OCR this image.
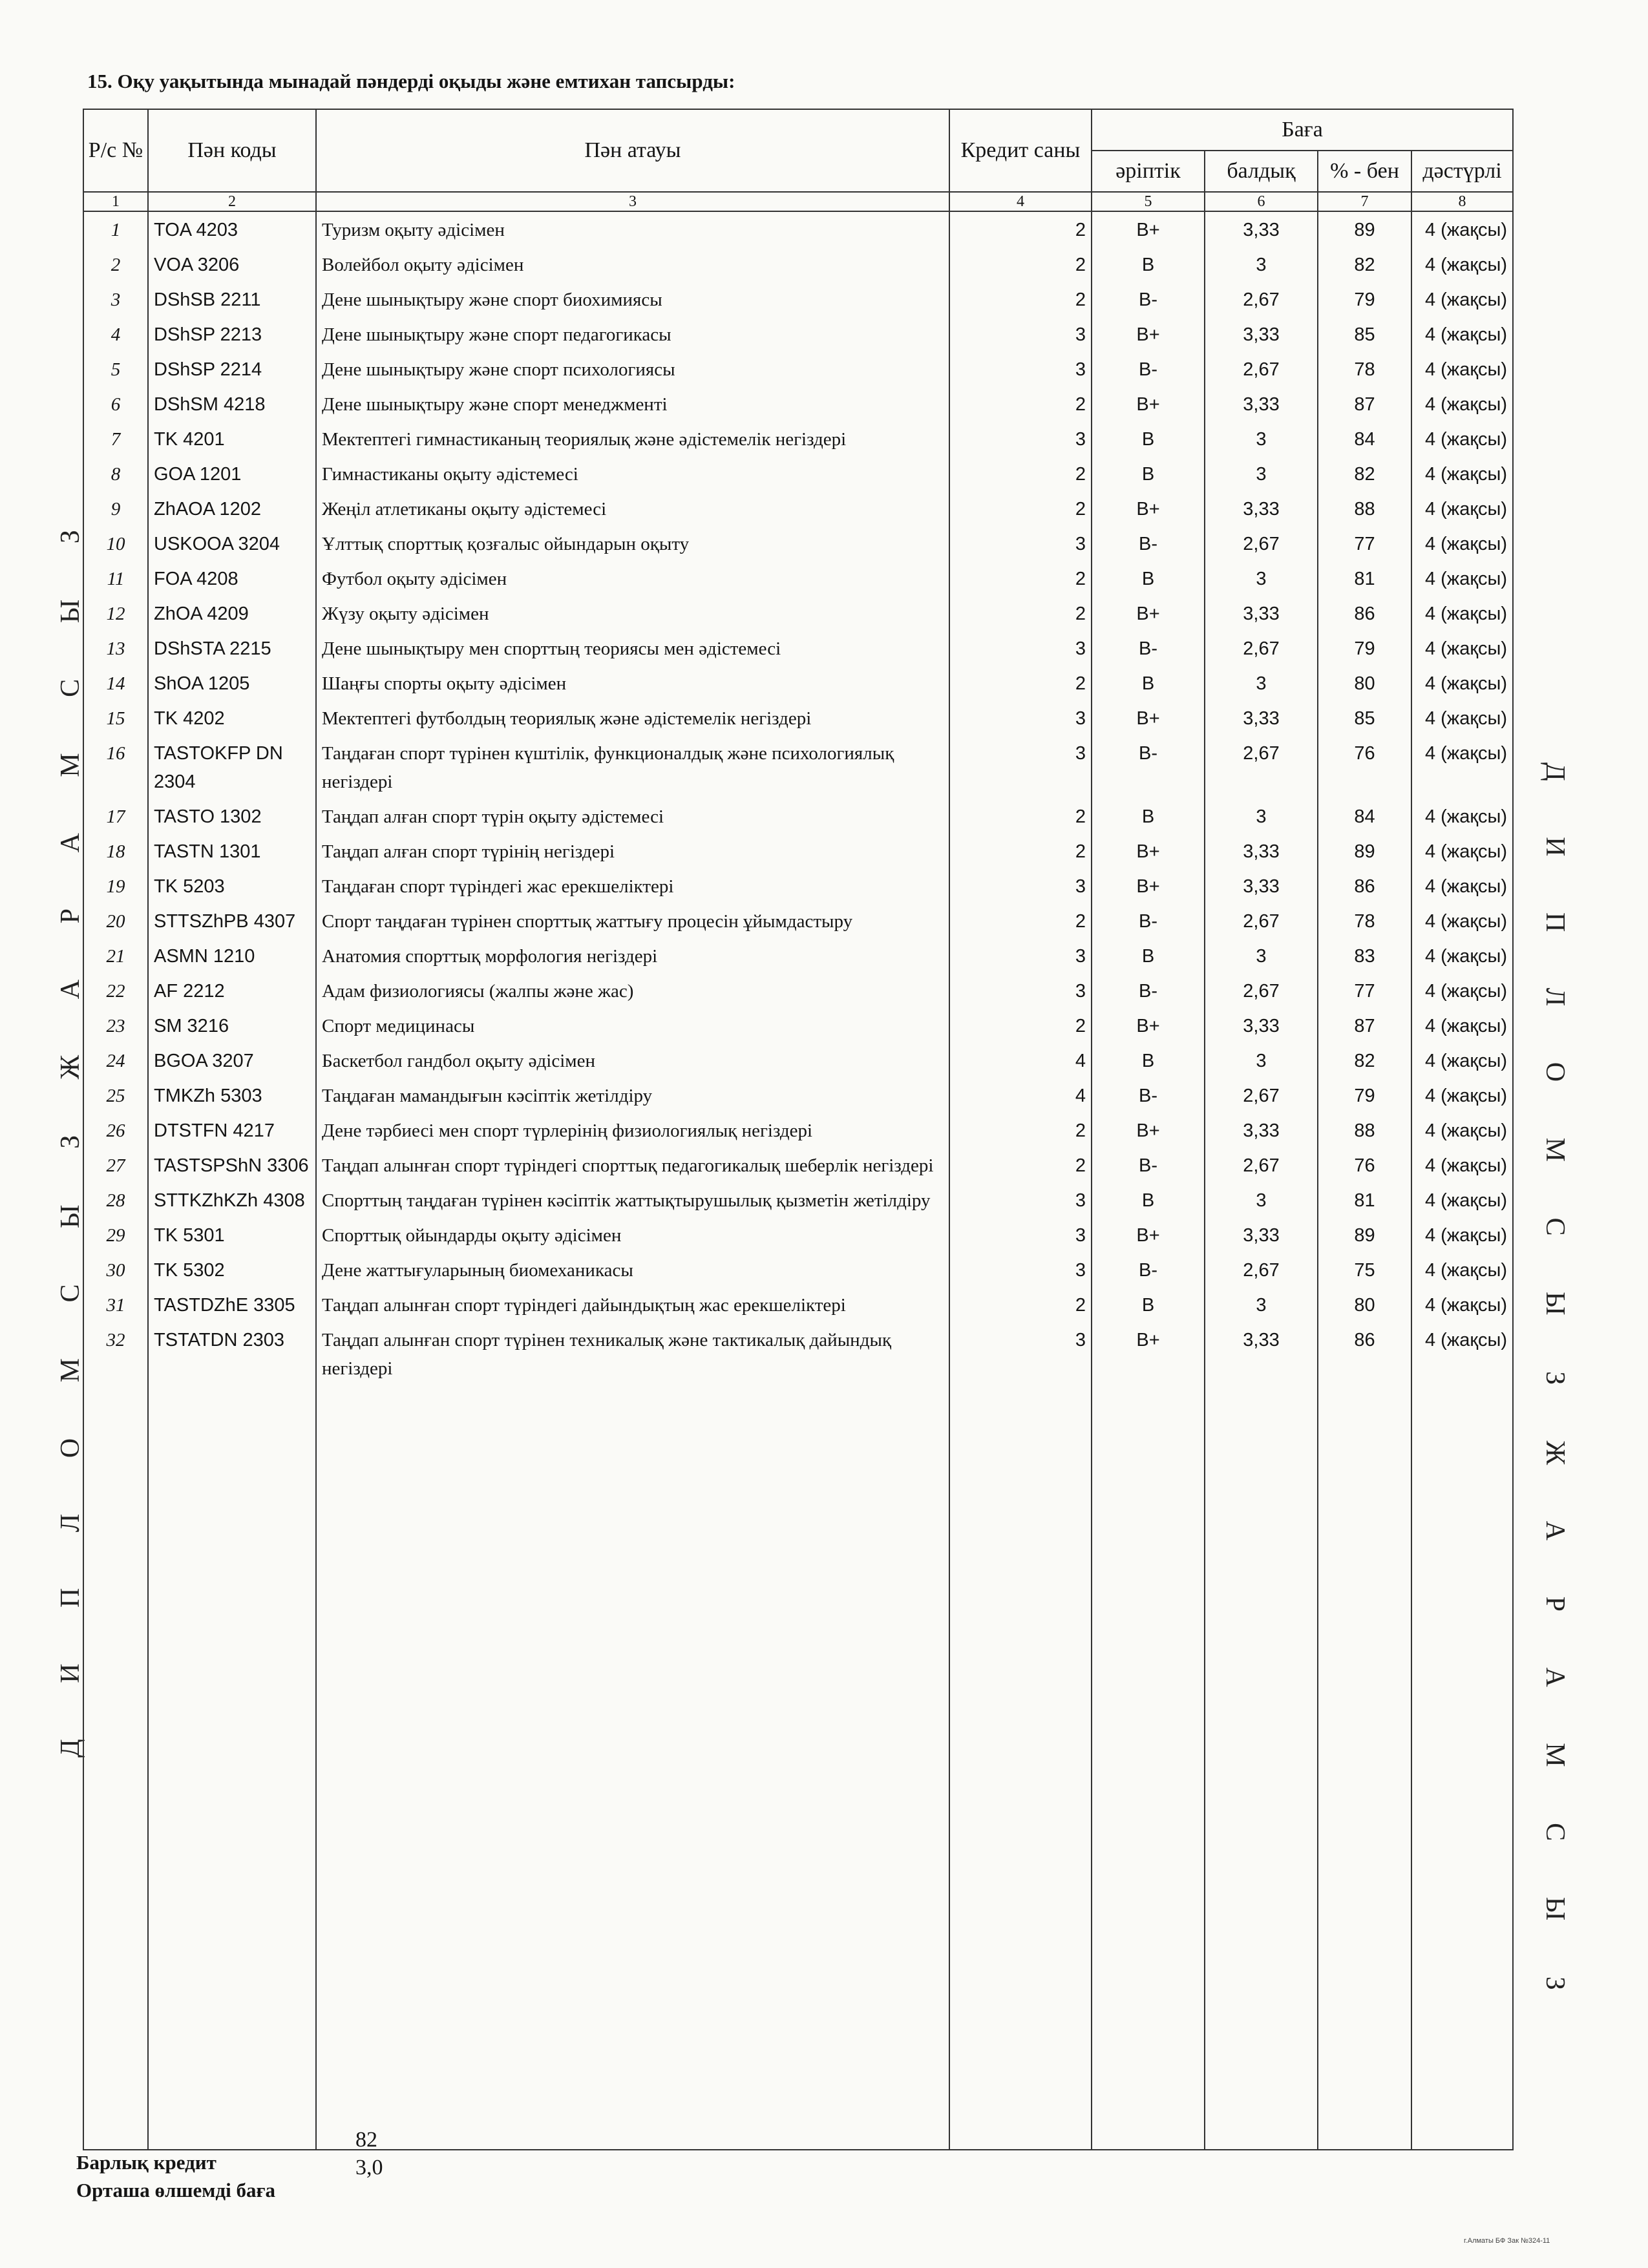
15. Оқу уақытында мынадай пәндерді оқыды және емтихан тапсырды:
Д И П Л О М С Ы З Ж А Р А М С Ы З	Д И П Л О М С Ы З Ж А Р А М С Ы З
Р/с №	Пән коды	Пән атауы	Кредит саны	Баға			
				әріптік	балдық	% - бен	дәстүрлі
1	2	3	4	5	6	7	8
1	TOA 4203	Туризм оқыту әдісімен	2	B+	3,33	89	4 (жақсы)
2	VOA 3206	Волейбол оқыту әдісімен	2	B	3	82	4 (жақсы)
3	DShSB 2211	Дене шынықтыру және спорт биохимиясы	2	B-	2,67	79	4 (жақсы)
4	DShSP 2213	Дене шынықтыру және спорт педагогикасы	3	B+	3,33	85	4 (жақсы)
5	DShSP 2214	Дене шынықтыру және спорт психологиясы	3	B-	2,67	78	4 (жақсы)
6	DShSM 4218	Дене шынықтыру және спорт менеджменті	2	B+	3,33	87	4 (жақсы)
7	TK 4201	Мектептегі гимнастиканың теориялық және әдістемелік негіздері	3	B	3	84	4 (жақсы)
8	GOA 1201	Гимнастиканы оқыту әдістемесі	2	B	3	82	4 (жақсы)
9	ZhAOA 1202	Жеңіл атлетиканы оқыту әдістемесі	2	B+	3,33	88	4 (жақсы)
10	USKOOA 3204	Ұлттық спорттық қозғалыс ойындарын оқыту	3	B-	2,67	77	4 (жақсы)
11	FOA 4208	Футбол оқыту әдісімен	2	B	3	81	4 (жақсы)
12	ZhOA 4209	Жүзу оқыту әдісімен	2	B+	3,33	86	4 (жақсы)
13	DShSTA 2215	Дене шынықтыру мен спорттың теориясы мен әдістемесі	3	B-	2,67	79	4 (жақсы)
14	ShOA 1205	Шаңғы спорты оқыту әдісімен	2	B	3	80	4 (жақсы)
15	TK 4202	Мектептегі футболдың теориялық және әдістемелік негіздері	3	B+	3,33	85	4 (жақсы)
16	TASTOKFP DN 2304	Таңдаған спорт түрінен күштілік, функционалдық және психологиялық негіздері	3	B-	2,67	76	4 (жақсы)
17	TASTO 1302	Таңдап алған спорт түрін оқыту әдістемесі	2	B	3	84	4 (жақсы)
18	TASTN 1301	Таңдап алған спорт түрінің негіздері	2	B+	3,33	89	4 (жақсы)
19	TK 5203	Таңдаған спорт түріндегі жас ерекшеліктері	3	B+	3,33	86	4 (жақсы)
20	STTSZhPB 4307	Спорт таңдаған түрінен спорттық жаттығу процесін ұйымдастыру	2	B-	2,67	78	4 (жақсы)
21	ASMN 1210	Анатомия спорттық морфология негіздері	3	B	3	83	4 (жақсы)
22	AF 2212	Адам физиологиясы (жалпы және жас)	3	B-	2,67	77	4 (жақсы)
23	SM 3216	Спорт медицинасы	2	B+	3,33	87	4 (жақсы)
24	BGOA 3207	Баскетбол гандбол оқыту әдісімен	4	B	3	82	4 (жақсы)
25	TMKZh 5303	Таңдаған мамандығын кәсіптік жетілдіру	4	B-	2,67	79	4 (жақсы)
26	DTSTFN 4217	Дене тәрбиесі мен спорт түрлерінің физиологиялық негіздері	2	B+	3,33	88	4 (жақсы)
27	TASTSPShN 3306	Таңдап алынған спорт түріндегі спорттық педагогикалық шеберлік негіздері	2	B-	2,67	76	4 (жақсы)
28	STTKZhKZh 4308	Спорттың таңдаған түрінен кәсіптік жаттықтырушылық қызметін жетілдіру	3	B	3	81	4 (жақсы)
29	TK 5301	Спорттық ойындарды оқыту әдісімен	3	B+	3,33	89	4 (жақсы)
30	TK 5302	Дене жаттығуларының биомеханикасы	3	B-	2,67	75	4 (жақсы)
31	TASTDZhE 3305	Таңдап алынған спорт түріндегі дайындықтың жас ерекшеліктері	2	B	3	80	4 (жақсы)
32	TSTATDN 2303	Таңдап алынған спорт түрінен техникалық және тактикалық дайындық негіздері	3	B+	3,33	86	4 (жақсы)

Барлық кредит
82
Орташа өлшемді баға
3,0
г.Алматы БФ Зак №324-11
